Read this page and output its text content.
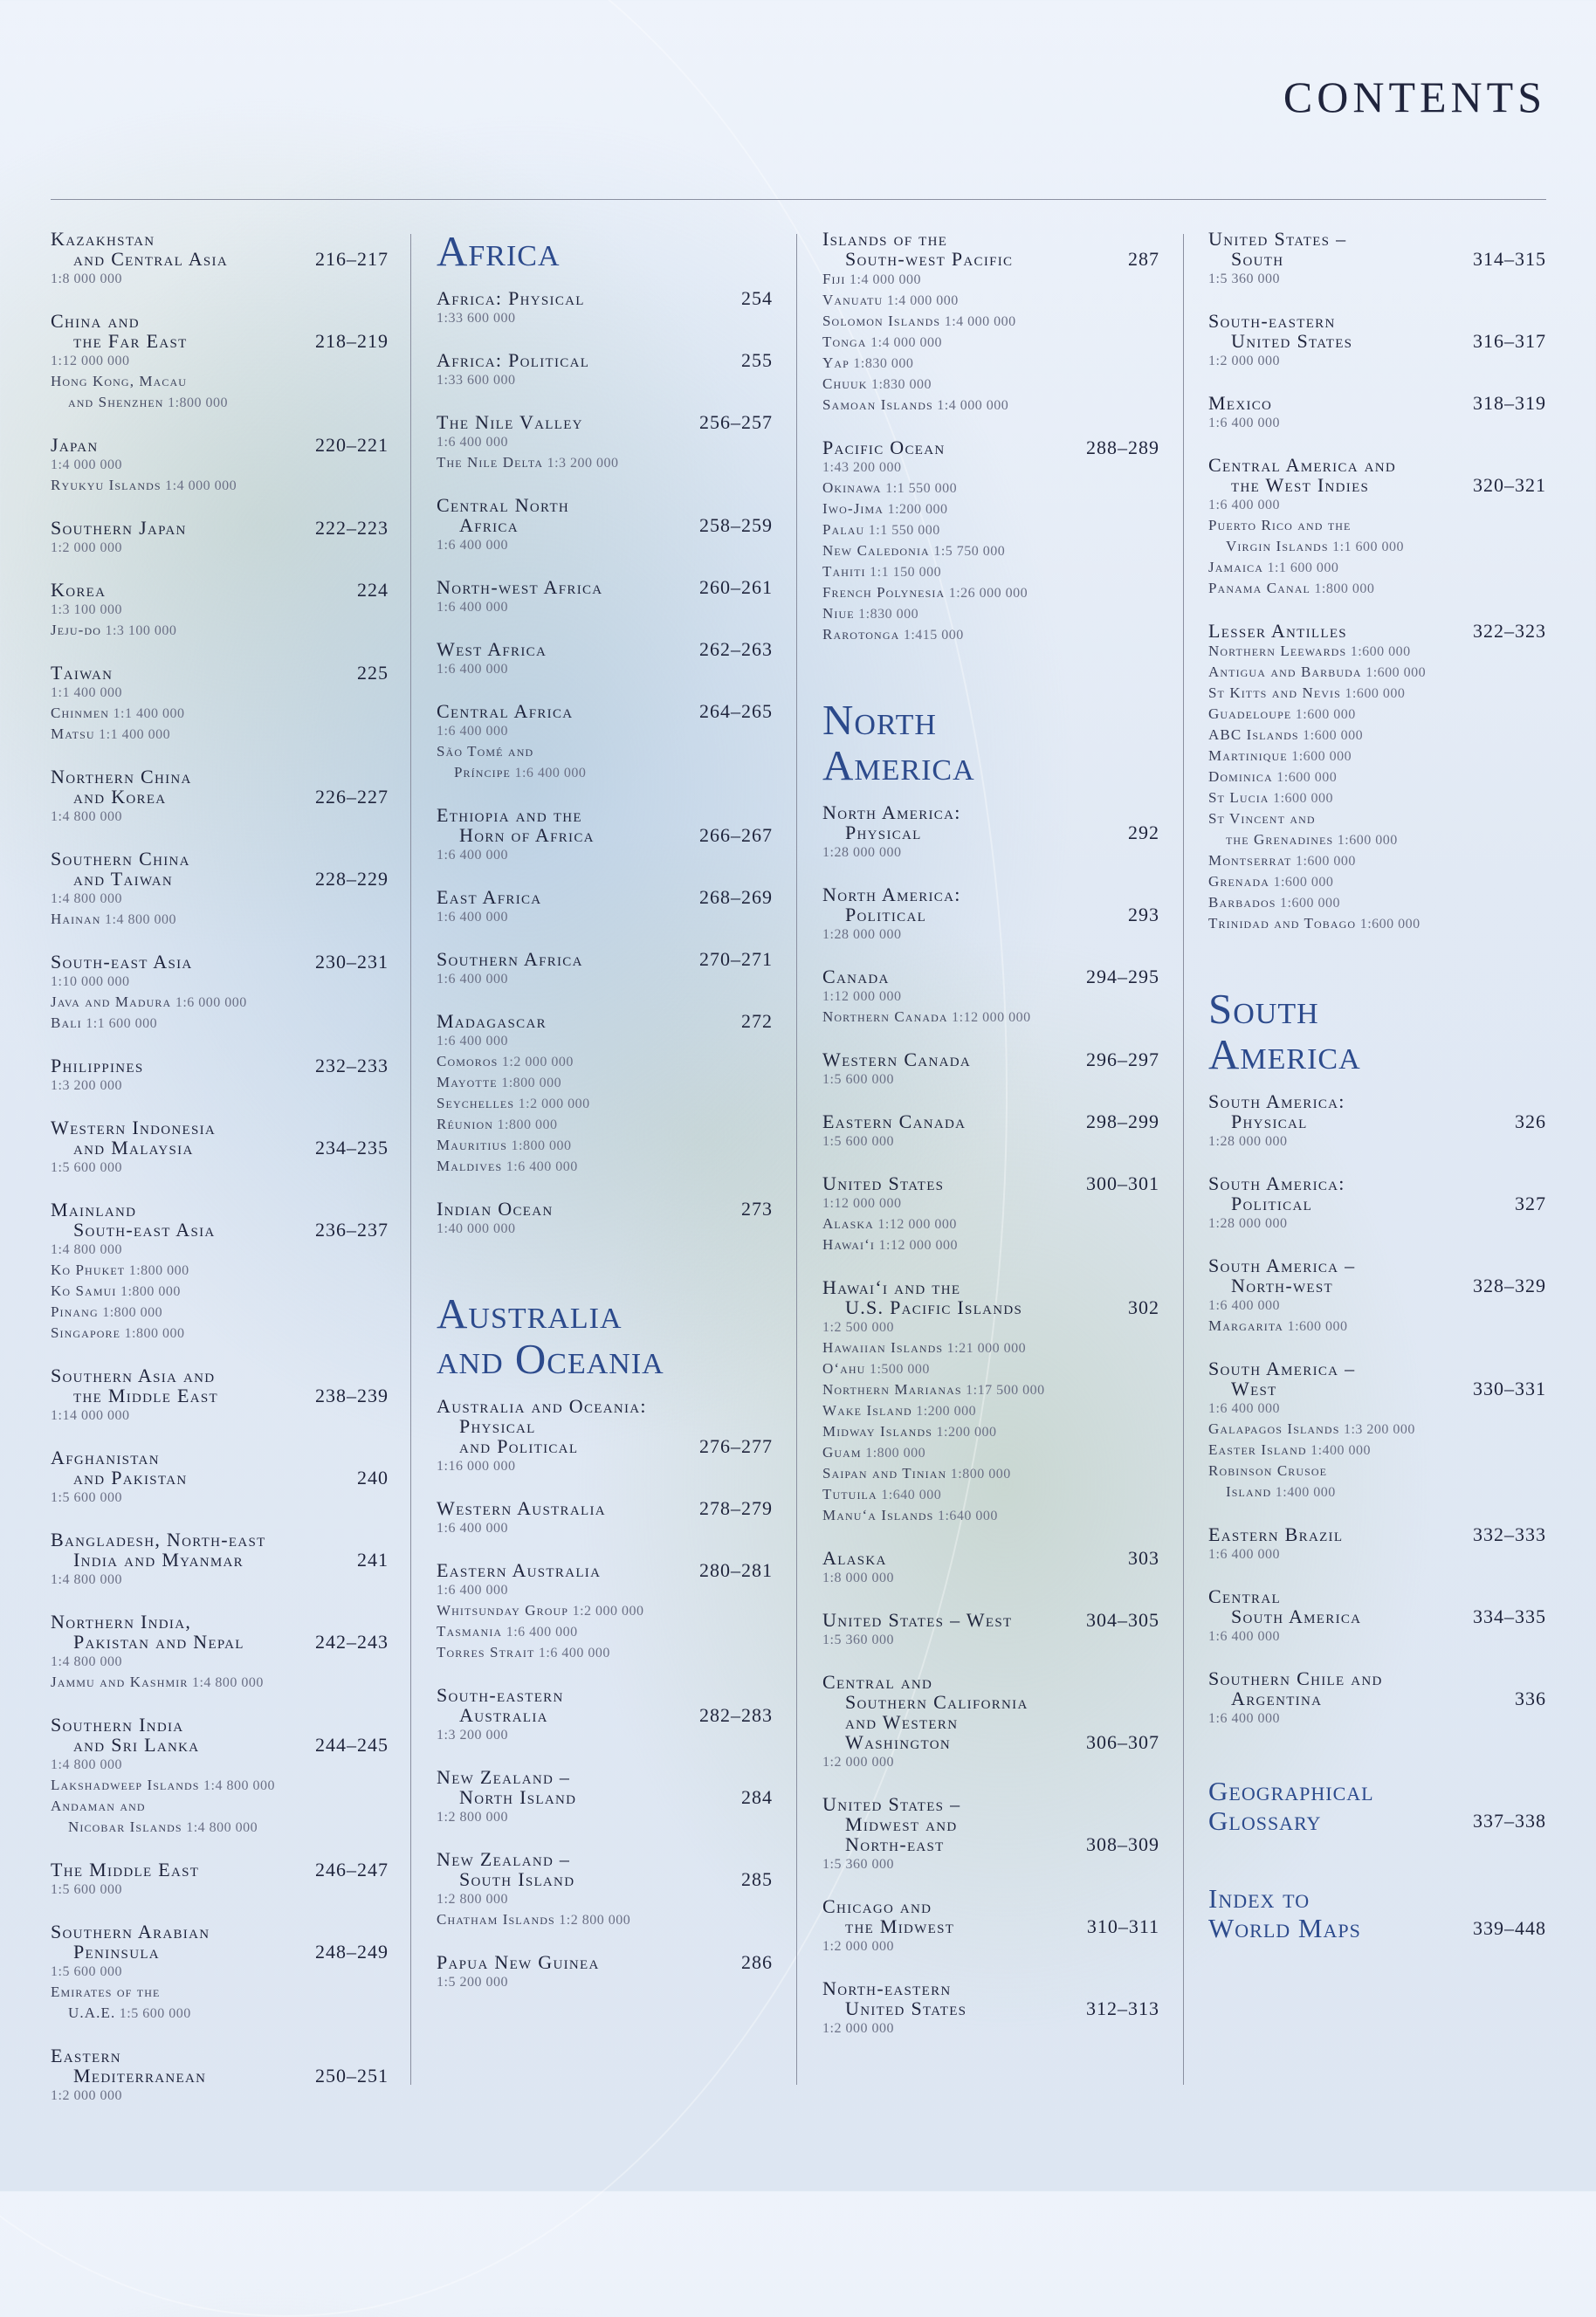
CONTENTS
Kazakhstan
and Central Asia	216–217
1:8 000 000
China and
the Far East	218–219
1:12 000 000
Hong Kong, Macau
and Shenzhen 1:800 000
Japan	220–221
1:4 000 000
Ryukyu Islands 1:4 000 000
Southern Japan	222–223
1:2 000 000
Korea	224
1:3 100 000
Jeju-do 1:3 100 000
Taiwan	225
1:1 400 000
Chinmen 1:1 400 000
Matsu 1:1 400 000
Northern China
and Korea	226–227
1:4 800 000
Southern China
and Taiwan	228–229
1:4 800 000
Hainan 1:4 800 000
South-east Asia	230–231
1:10 000 000
Java and Madura 1:6 000 000
Bali 1:1 600 000
Philippines	232–233
1:3 200 000
Western Indonesia
and Malaysia	234–235
1:5 600 000
Mainland
South-east Asia	236–237
1:4 800 000
Ko Phuket 1:800 000
Ko Samui 1:800 000
Pinang 1:800 000
Singapore 1:800 000
Southern Asia and
the Middle East	238–239
1:14 000 000
Afghanistan
and Pakistan	240
1:5 600 000
Bangladesh, North-east
India and Myanmar	241
1:4 800 000
Northern India,
Pakistan and Nepal	242–243
1:4 800 000
Jammu and Kashmir 1:4 800 000
Southern India
and Sri Lanka	244–245
1:4 800 000
Lakshadweep Islands 1:4 800 000
Andaman and
Nicobar Islands 1:4 800 000
The Middle East	246–247
1:5 600 000
Southern Arabian
Peninsula	248–249
1:5 600 000
Emirates of the
U.A.E. 1:5 600 000
Eastern
Mediterranean	250–251
1:2 000 000
Africa
Africa: Physical	254
1:33 600 000
Africa: Political	255
1:33 600 000
The Nile Valley	256–257
1:6 400 000
The Nile Delta 1:3 200 000
Central North
Africa	258–259
1:6 400 000
North-west Africa	260–261
1:6 400 000
West Africa	262–263
1:6 400 000
Central Africa	264–265
1:6 400 000
São Tomé and
Príncipe 1:6 400 000
Ethiopia and the
Horn of Africa	266–267
1:6 400 000
East Africa	268–269
1:6 400 000
Southern Africa	270–271
1:6 400 000
Madagascar	272
1:6 400 000
Comoros 1:2 000 000
Mayotte 1:800 000
Seychelles 1:2 000 000
Réunion 1:800 000
Mauritius 1:800 000
Maldives 1:6 400 000
Indian Ocean	273
1:40 000 000
Australia
and Oceania
Australia and Oceania:
Physical
and Political	276–277
1:16 000 000
Western Australia	278–279
1:6 400 000
Eastern Australia	280–281
1:6 400 000
Whitsunday Group 1:2 000 000
Tasmania 1:6 400 000
Torres Strait 1:6 400 000
South-eastern
Australia	282–283
1:3 200 000
New Zealand –
North Island	284
1:2 800 000
New Zealand –
South Island	285
1:2 800 000
Chatham Islands 1:2 800 000
Papua New Guinea	286
1:5 200 000
Islands of the
South-west Pacific	287
Fiji 1:4 000 000
Vanuatu 1:4 000 000
Solomon Islands 1:4 000 000
Tonga 1:4 000 000
Yap 1:830 000
Chuuk 1:830 000
Samoan Islands 1:4 000 000
Pacific Ocean	288–289
1:43 200 000
Okinawa 1:1 550 000
Iwo-Jima 1:200 000
Palau 1:1 550 000
New Caledonia 1:5 750 000
Tahiti 1:1 150 000
French Polynesia 1:26 000 000
Niue 1:830 000
Rarotonga 1:415 000
North
America
North America:
Physical	292
1:28 000 000
North America:
Political	293
1:28 000 000
Canada	294–295
1:12 000 000
Northern Canada 1:12 000 000
Western Canada	296–297
1:5 600 000
Eastern Canada	298–299
1:5 600 000
United States	300–301
1:12 000 000
Alaska 1:12 000 000
Hawai‘i 1:12 000 000
Hawai‘i and the
U.S. Pacific Islands	302
1:2 500 000
Hawaiian Islands 1:21 000 000
O‘ahu 1:500 000
Northern Marianas 1:17 500 000
Wake Island 1:200 000
Midway Islands 1:200 000
Guam 1:800 000
Saipan and Tinian 1:800 000
Tutuila 1:640 000
Manu‘a Islands 1:640 000
Alaska	303
1:8 000 000
United States – West	304–305
1:5 360 000
Central and
Southern California
and Western
Washington	306–307
1:2 000 000
United States –
Midwest and
North-east	308–309
1:5 360 000
Chicago and
the Midwest	310–311
1:2 000 000
North-eastern
United States	312–313
1:2 000 000
United States –
South	314–315
1:5 360 000
South-eastern
United States	316–317
1:2 000 000
Mexico	318–319
1:6 400 000
Central America and
the West Indies	320–321
1:6 400 000
Puerto Rico and the
Virgin Islands 1:1 600 000
Jamaica 1:1 600 000
Panama Canal 1:800 000
Lesser Antilles	322–323
Northern Leewards 1:600 000
Antigua and Barbuda 1:600 000
St Kitts and Nevis 1:600 000
Guadeloupe 1:600 000
ABC Islands 1:600 000
Martinique 1:600 000
Dominica 1:600 000
St Lucia 1:600 000
St Vincent and
the Grenadines 1:600 000
Montserrat 1:600 000
Grenada 1:600 000
Barbados 1:600 000
Trinidad and Tobago 1:600 000
South
America
South America:
Physical	326
1:28 000 000
South America:
Political	327
1:28 000 000
South America –
North-west	328–329
1:6 400 000
Margarita 1:600 000
South America –
West	330–331
1:6 400 000
Galapagos Islands 1:3 200 000
Easter Island 1:400 000
Robinson Crusoe
Island 1:400 000
Eastern Brazil	332–333
1:6 400 000
Central
South America	334–335
1:6 400 000
Southern Chile and
Argentina	336
1:6 400 000
Geographical
Glossary	337–338
Index to
World Maps	339–448
